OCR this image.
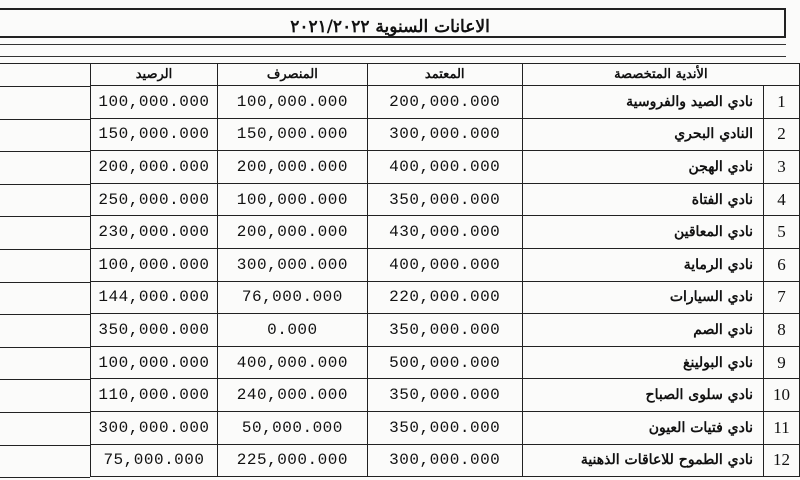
الاعانات السنوية ٢٠٢١/٢٠٢٢
الرصيد	المنصرف	المعتمد	الأندية المتخصصة	
100,000.000	100,000.000	200,000.000	نادي الصيد والفروسية	1
150,000.000	150,000.000	300,000.000	النادي البحري	2
200,000.000	200,000.000	400,000.000	نادي الهجن	3
250,000.000	100,000.000	350,000.000	نادي الفتاة	4
230,000.000	200,000.000	430,000.000	نادي المعاقين	5
100,000.000	300,000.000	400,000.000	نادي الرماية	6
144,000.000	76,000.000	220,000.000	نادي السيارات	7
350,000.000	0.000	350,000.000	نادي الصم	8
100,000.000	400,000.000	500,000.000	نادي البولينغ	9
110,000.000	240,000.000	350,000.000	نادي سلوى الصباح	10
300,000.000	50,000.000	350,000.000	نادي فتيات العيون	11
75,000.000	225,000.000	300,000.000	نادي الطموح للاعاقات الذهنية	12
